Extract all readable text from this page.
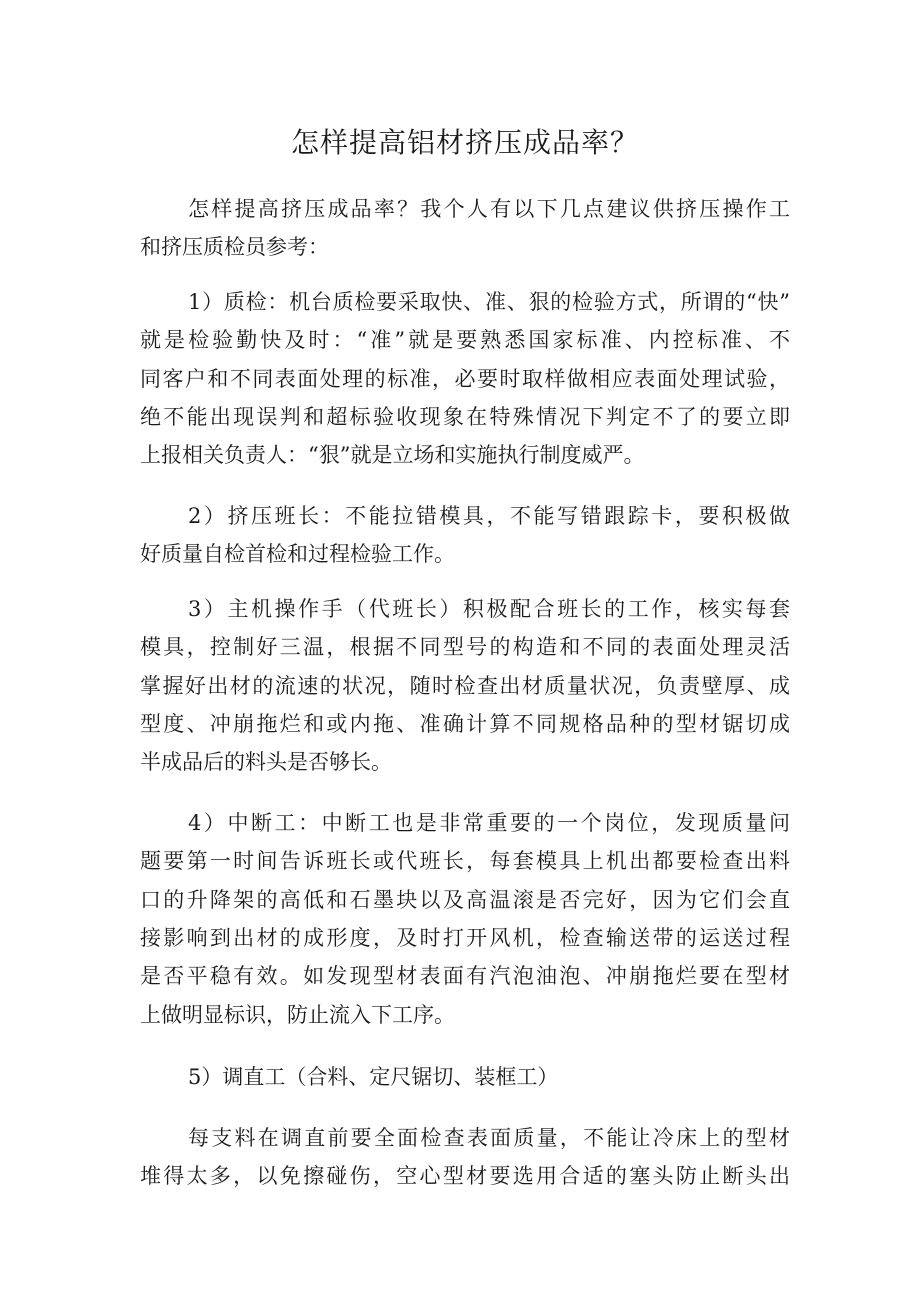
怎样提高铝材挤压成品率？
怎样提高挤压成品率？我个人有以下几点建议供挤压操作工
和挤压质检员参考：
1）质检：机台质检要采取快、准、狠的检验方式，所谓的“快”
就是检验勤快及时：“准”就是要熟悉国家标准、内控标准、不
同客户和不同表面处理的标准，必要时取样做相应表面处理试验，
绝不能出现误判和超标验收现象在特殊情况下判定不了的要立即
上报相关负责人：“狠”就是立场和实施执行制度威严。
2）挤压班长：不能拉错模具，不能写错跟踪卡，要积极做
好质量自检首检和过程检验工作。
3）主机操作手（代班长）积极配合班长的工作，核实每套
模具，控制好三温，根据不同型号的构造和不同的表面处理灵活
掌握好出材的流速的状况，随时检查出材质量状况，负责壁厚、成
型度、冲崩拖烂和或内拖、准确计算不同规格品种的型材锯切成
半成品后的料头是否够长。
4）中断工：中断工也是非常重要的一个岗位，发现质量问
题要第一时间告诉班长或代班长，每套模具上机出都要检查出料
口的升降架的高低和石墨块以及高温滚是否完好，因为它们会直
接影响到出材的成形度，及时打开风机，检查输送带的运送过程
是否平稳有效。如发现型材表面有汽泡油泡、冲崩拖烂要在型材
上做明显标识，防止流入下工序。
5）调直工（合料、定尺锯切、装框工）
每支料在调直前要全面检查表面质量，不能让冷床上的型材
堆得太多，以免擦碰伤，空心型材要选用合适的塞头防止断头出
